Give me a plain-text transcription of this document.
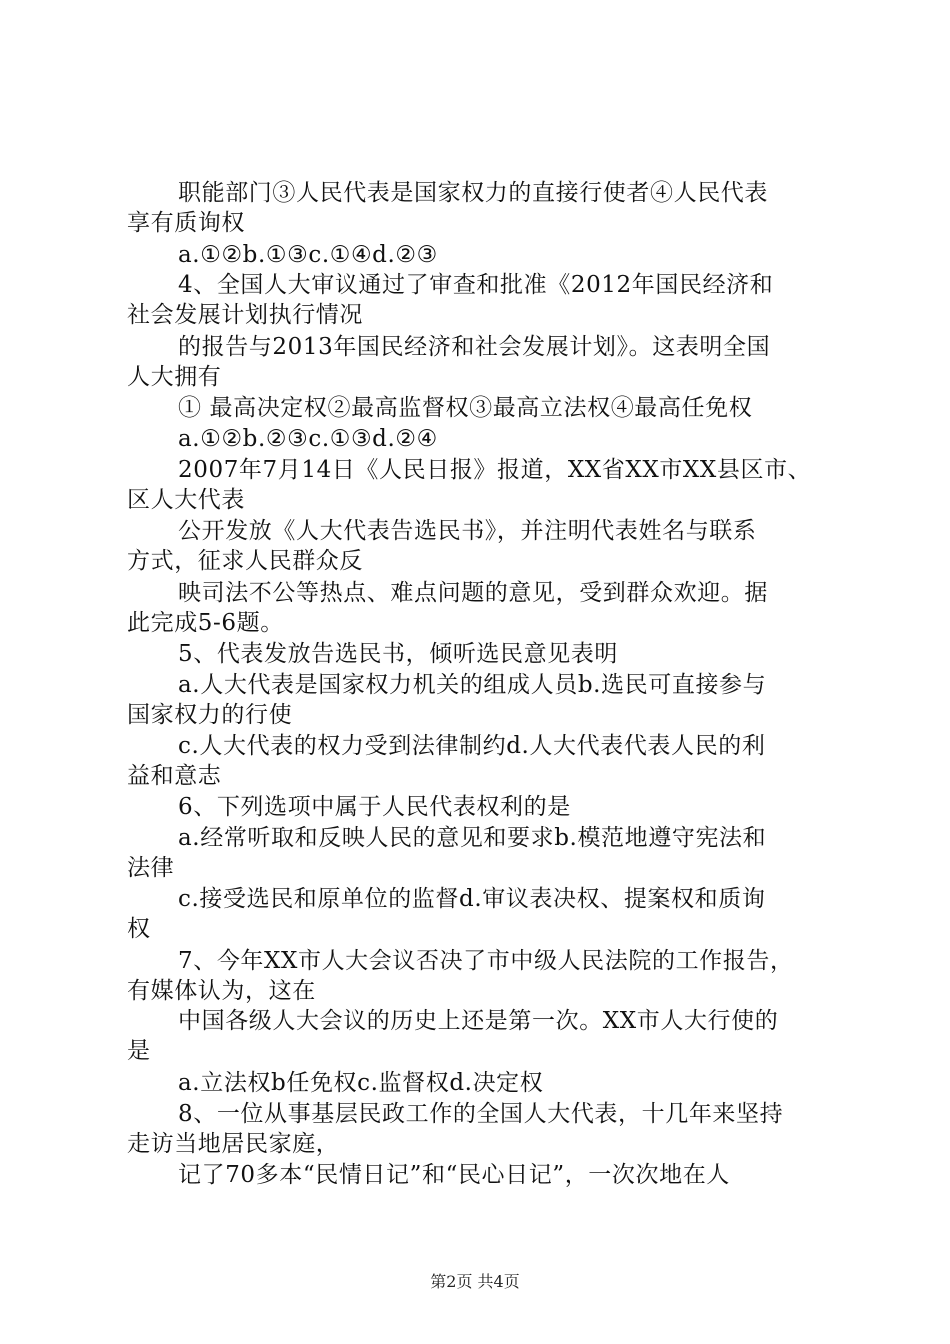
职能部门③人民代表是国家权力的直接行使者④人民代表
享有质询权
a.①②b.①③c.①④d.②③
4、全国人大审议通过了审查和批准《2012年国民经济和
社会发展计划执行情况
的报告与2013年国民经济和社会发展计划》。这表明全国
人大拥有
① 最高决定权②最高监督权③最高立法权④最高任免权
a.①②b.②③c.①③d.②④
2007年7月14日《人民日报》报道，XX省XX市XX县区市、
区人大代表
公开发放《人大代表告选民书》，并注明代表姓名与联系
方式，征求人民群众反
映司法不公等热点、难点问题的意见，受到群众欢迎。据
此完成5-6题。
5、代表发放告选民书，倾听选民意见表明
a.人大代表是国家权力机关的组成人员b.选民可直接参与
国家权力的行使
c.人大代表的权力受到法律制约d.人大代表代表人民的利
益和意志
6、下列选项中属于人民代表权利的是
a.经常听取和反映人民的意见和要求b.模范地遵守宪法和
法律
c.接受选民和原单位的监督d.审议表决权、提案权和质询
权
7、今年XX市人大会议否决了市中级人民法院的工作报告，
有媒体认为，这在
中国各级人大会议的历史上还是第一次。XX市人大行使的
是
a.立法权b任免权c.监督权d.决定权
8、一位从事基层民政工作的全国人大代表，十几年来坚持
走访当地居民家庭，
记了70多本“民情日记”和“民心日记”，一次次地在人
第2页 共4页
